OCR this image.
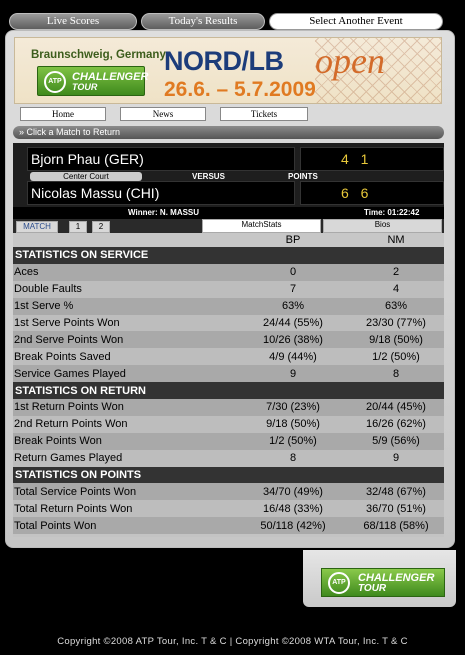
Live Scores	Today's Results	Select Another Event
Braunschweig, Germany
ATP CHALLENGER
TOUR
NORD/LB open
26.6. – 5.7.2009
Home	News	Tickets
» Click a Match to Return
Bjorn Phau (GER)	4 1
Nicolas Massu (CHI)	6 6
Center Court	VERSUS	POINTS
Winner: N. MASSU	Time: 01:22:42
MATCH	1	2	MatchStats	Bios
	BP	NM
STATISTICS ON SERVICE		
Aces	0	2
Double Faults	7	4
1st Serve %	63%	63%
1st Serve Points Won	24/44 (55%)	23/30 (77%)
2nd Serve Points Won	10/26 (38%)	9/18 (50%)
Break Points Saved	4/9 (44%)	1/2 (50%)
Service Games Played	9	8
STATISTICS ON RETURN		
1st Return Points Won	7/30 (23%)	20/44 (45%)
2nd Return Points Won	9/18 (50%)	16/26 (62%)
Break Points Won	1/2 (50%)	5/9 (56%)
Return Games Played	8	9
STATISTICS ON POINTS		
Total Service Points Won	34/70 (49%)	32/48 (67%)
Total Return Points Won	16/48 (33%)	36/70 (51%)
Total Points Won	50/118 (42%)	68/118 (58%)
ATP	CHALLENGER
TOUR
Copyright ©2008 ATP Tour, Inc. T & C | Copyright ©2008 WTA Tour, Inc. T & C
